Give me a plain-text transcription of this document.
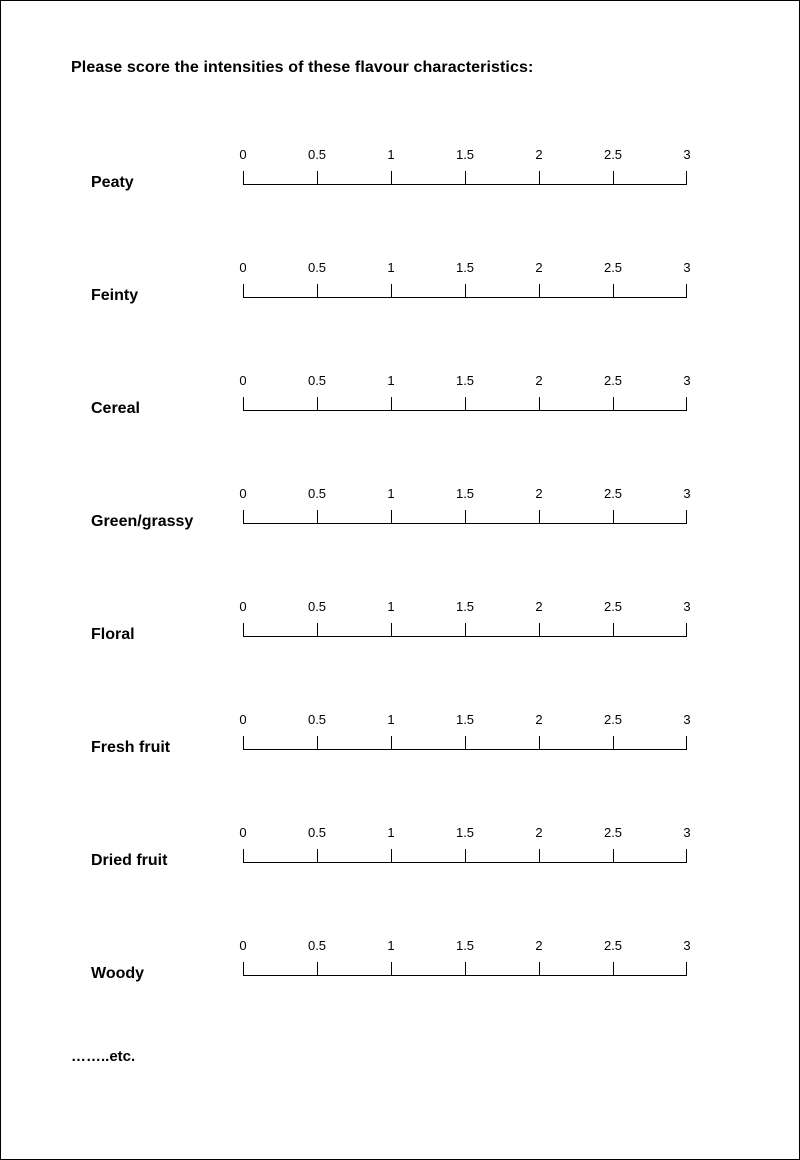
Please score the intensities of these flavour characteristics:
0	0.5	1	1.5	2	2.5	3
Peaty
0	0.5	1	1.5	2	2.5	3
Feinty
0	0.5	1	1.5	2	2.5	3
Cereal
0	0.5	1	1.5	2	2.5	3
Green/grassy
0	0.5	1	1.5	2	2.5	3
Floral
0	0.5	1	1.5	2	2.5	3
Fresh fruit
0	0.5	1	1.5	2	2.5	3
Dried fruit
0	0.5	1	1.5	2	2.5	3
Woody
……..etc.
